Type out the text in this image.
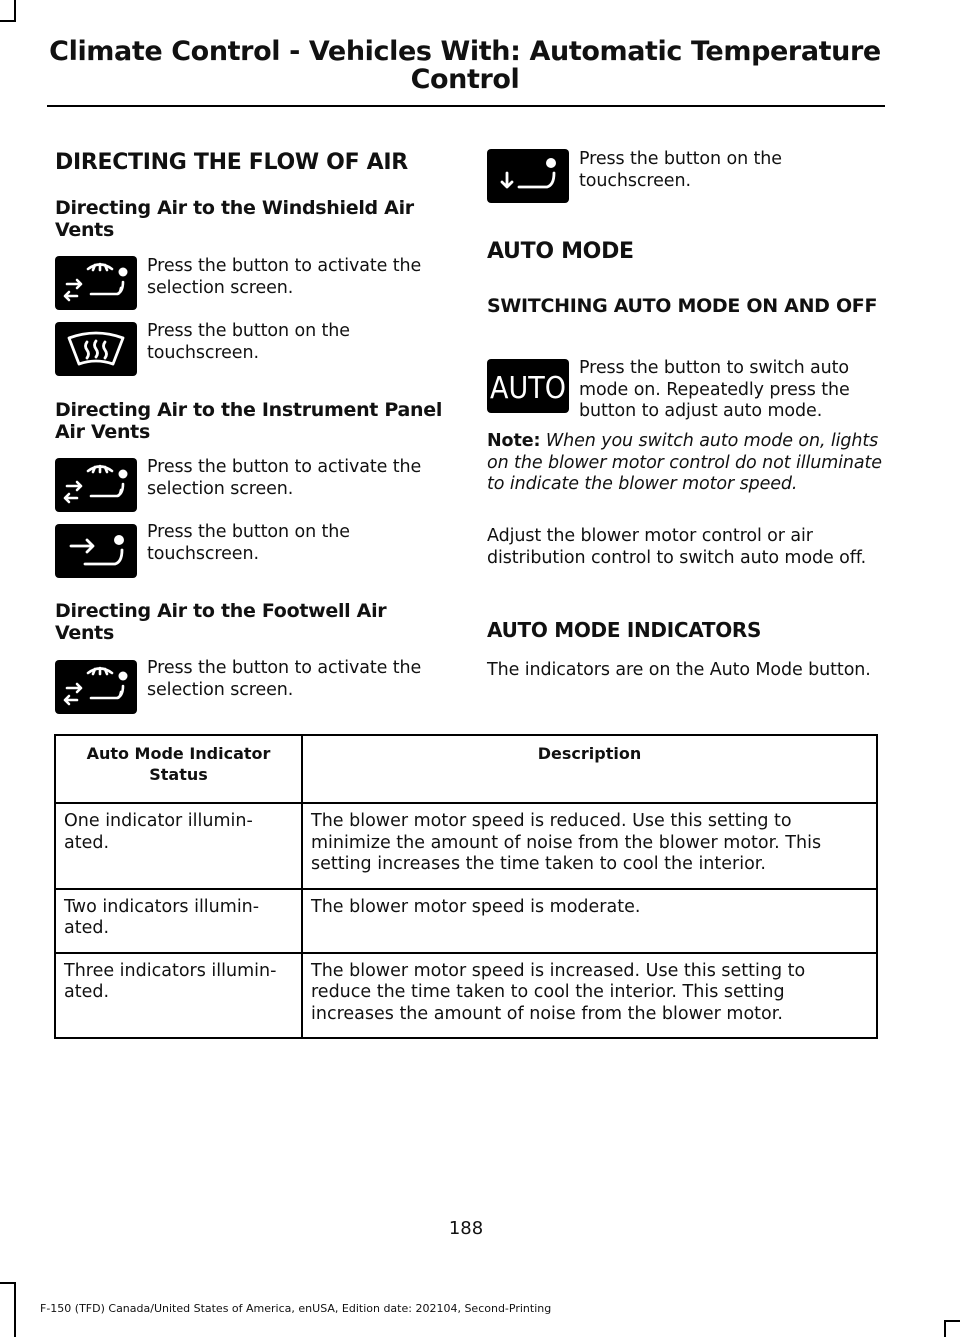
Climate Control - Vehicles With: Automatic Temperature Control
DIRECTING THE FLOW OF AIR
Directing Air to the Windshield Air Vents
Press the button to activate the selection screen.
Press the button on the touchscreen.
Directing Air to the Instrument Panel Air Vents
Press the button to activate the selection screen.
Press the button on the touchscreen.
Directing Air to the Footwell Air Vents
Press the button to activate the selection screen.
Press the button on the touchscreen.
AUTO MODE
SWITCHING AUTO MODE ON AND OFF
AUTO
Press the button to switch auto mode on. Repeatedly press the button to adjust auto mode.
Note: When you switch auto mode on, lights on the blower motor control do not illuminate to indicate the blower motor speed.
Adjust the blower motor control or air distribution control to switch auto mode off.
AUTO MODE INDICATORS
The indicators are on the Auto Mode button.
Auto Mode Indicator Status	Description
One indicator illumin-ated.	The blower motor speed is reduced. Use this setting to minimize the amount of noise from the blower motor. This setting increases the time taken to cool the interior.
Two indicators illumin-ated.	The blower motor speed is moderate.
Three indicators illumin-ated.	The blower motor speed is increased. Use this setting to reduce the time taken to cool the interior. This setting increases the amount of noise from the blower motor.
188
F-150 (TFD) Canada/United States of America, enUSA, Edition date: 202104, Second-Printing
